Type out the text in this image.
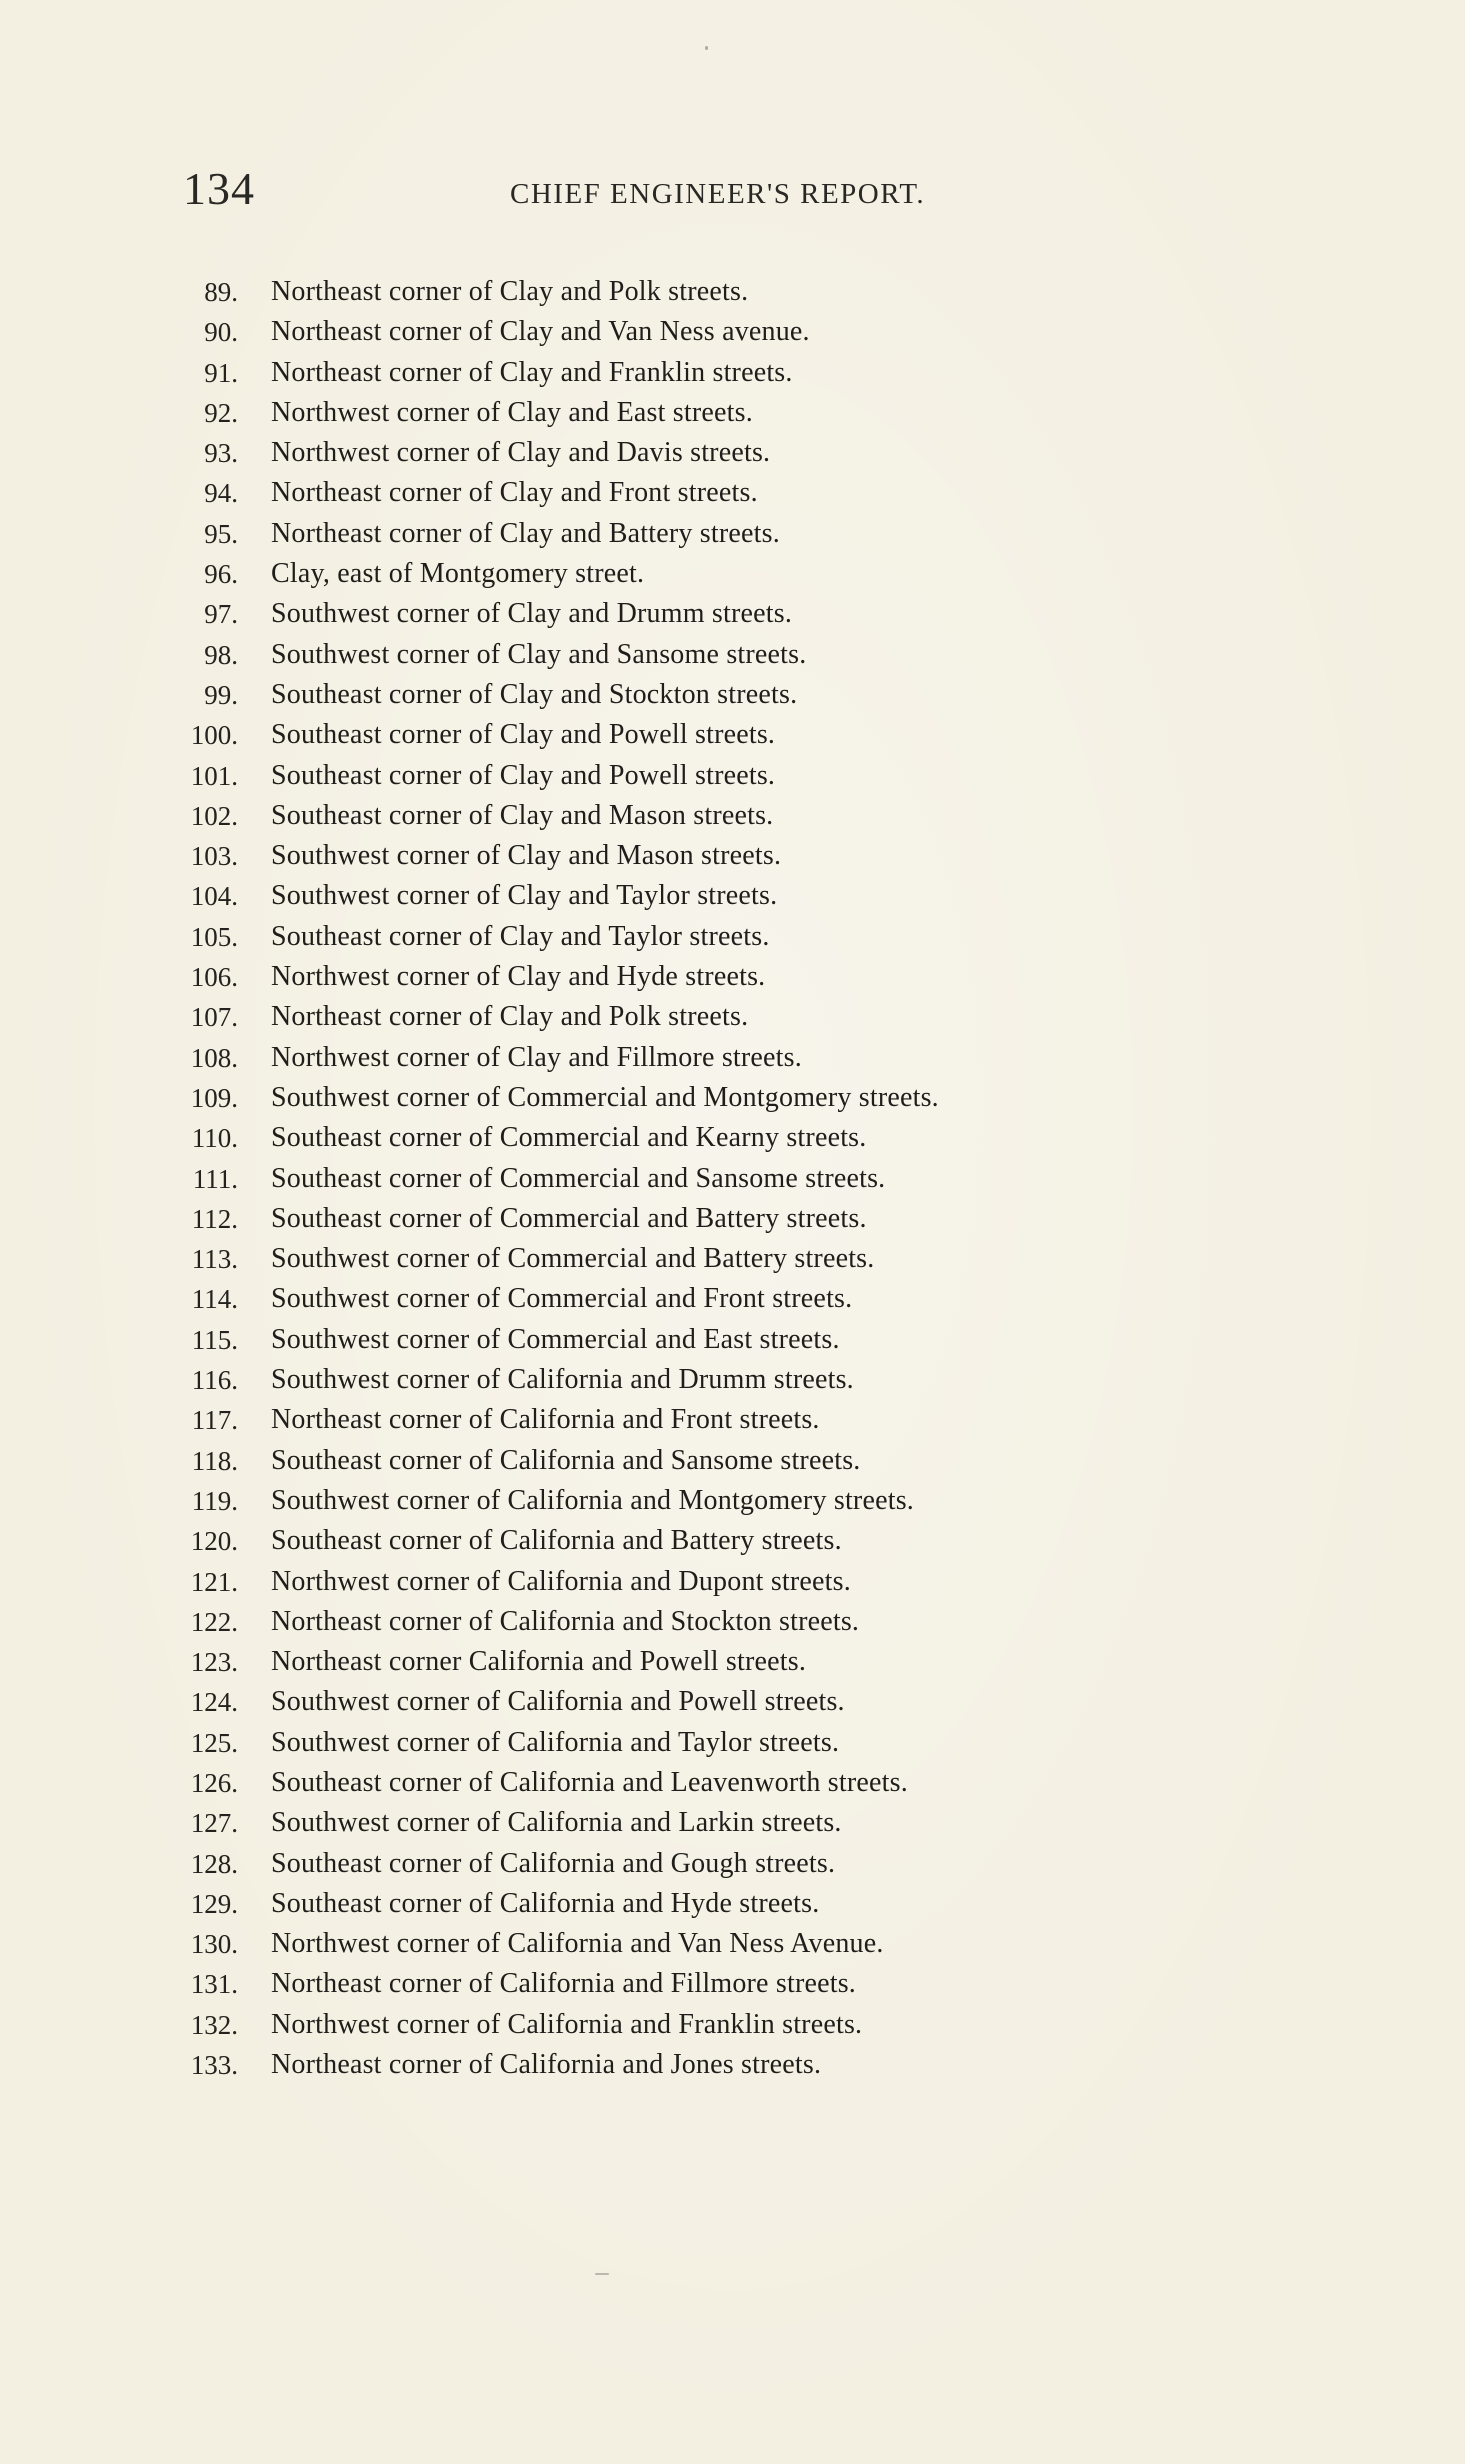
134	CHIEF ENGINEER'S REPORT.
89. Northeast corner of Clay and Polk streets.
90. Northeast corner of Clay and Van Ness avenue.
91. Northeast corner of Clay and Franklin streets.
92. Northwest corner of Clay and East streets.
93. Northwest corner of Clay and Davis streets.
94. Northeast corner of Clay and Front streets.
95. Northeast corner of Clay and Battery streets.
96. Clay, east of Montgomery street.
97. Southwest corner of Clay and Drumm streets.
98. Southwest corner of Clay and Sansome streets.
99. Southeast corner of Clay and Stockton streets.
100. Southeast corner of Clay and Powell streets.
101. Southeast corner of Clay and Powell streets.
102. Southeast corner of Clay and Mason streets.
103. Southwest corner of Clay and Mason streets.
104. Southwest corner of Clay and Taylor streets.
105. Southeast corner of Clay and Taylor streets.
106. Northwest corner of Clay and Hyde streets.
107. Northeast corner of Clay and Polk streets.
108. Northwest corner of Clay and Fillmore streets.
109. Southwest corner of Commercial and Montgomery streets.
110. Southeast corner of Commercial and Kearny streets.
111. Southeast corner of Commercial and Sansome streets.
112. Southeast corner of Commercial and Battery streets.
113. Southwest corner of Commercial and Battery streets.
114. Southwest corner of Commercial and Front streets.
115. Southwest corner of Commercial and East streets.
116. Southwest corner of California and Drumm streets.
117. Northeast corner of California and Front streets.
118. Southeast corner of California and Sansome streets.
119. Southwest corner of California and Montgomery streets.
120. Southeast corner of California and Battery streets.
121. Northwest corner of California and Dupont streets.
122. Northeast corner of California and Stockton streets.
123. Northeast corner California and Powell streets.
124. Southwest corner of California and Powell streets.
125. Southwest corner of California and Taylor streets.
126. Southeast corner of California and Leavenworth streets.
127. Southwest corner of California and Larkin streets.
128. Southeast corner of California and Gough streets.
129. Southeast corner of California and Hyde streets.
130. Northwest corner of California and Van Ness Avenue.
131. Northeast corner of California and Fillmore streets.
132. Northwest corner of California and Franklin streets.
133. Northeast corner of California and Jones streets.
